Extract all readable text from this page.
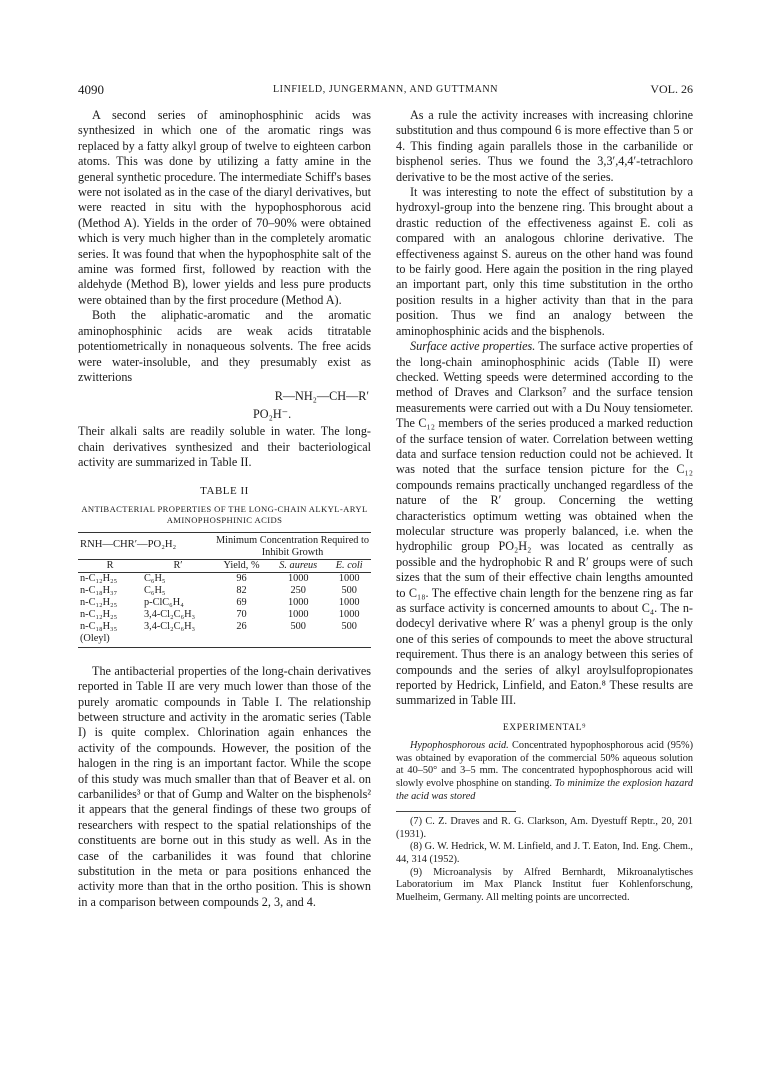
4090	LINFIELD, JUNGERMANN, AND GUTTMANN	VOL. 26

A second series of aminophosphinic acids was synthesized in which one of the aromatic rings was replaced by a fatty alkyl group of twelve to eighteen carbon atoms. This was done by utilizing a fatty amine in the general synthetic procedure. The intermediate Schiff's bases were not isolated as in the case of the diaryl derivatives, but were reacted in situ with the hypophosphorous acid (Method A). Yields in the order of 70–90% were obtained which is very much higher than in the completely aromatic series. It was found that when the hypophosphite salt of the amine was formed first, followed by reaction with the aldehyde (Method B), lower yields and less pure products were obtained than by the first procedure (Method A).

Both the aliphatic-aromatic and the aromatic aminophosphinic acids are weak acids titratable potentiometrically in nonaqueous solvents. The free acids were water-insoluble, and they presumably exist as zwitterions

R—NH₂—CH—R′
PO₂H⁻.

Their alkali salts are readily soluble in water. The long-chain derivatives synthesized and their bacteriological activity are summarized in Table II.

TABLE II
ANTIBACTERIAL PROPERTIES OF THE LONG-CHAIN ALKYL-ARYL AMINOPHOSPHINIC ACIDS
RNH—CHR′—PO₂H₂		Minimum Concentration Required to Inhibit Growth		
R	R′	Yield, %	S. aureus	E. coli
n-C₁₂H₂₅	C₆H₅	96	1000	1000
n-C₁₈H₃₇	C₆H₅	82	250	500
n-C₁₂H₂₅	p-ClC₆H₄	69	1000	1000
n-C₁₂H₂₅	3,4-Cl₂C₆H₃	70	1000	1000
n-C₁₈H₃₅ (Oleyl)	3,4-Cl₂C₆H₃	26	500	500

The antibacterial properties of the long-chain derivatives reported in Table II are very much lower than those of the purely aromatic compounds in Table I. The relationship between structure and activity in the aromatic series (Table I) is quite complex. Chlorination again enhances the activity of the compounds. However, the position of the halogen in the ring is an important factor. While the scope of this study was much smaller than that of Beaver et al. on carbanilides³ or that of Gump and Walter on the bisphenols² it appears that the general findings of these two groups of researchers with respect to the spatial relationships of the constituents are borne out in this study as well. As in the case of the carbanilides it was found that chlorine substitution in the meta or para positions enhanced the activity more than that in the ortho position. This is shown in a comparison between compounds 2, 3, and 4.

As a rule the activity increases with increasing chlorine substitution and thus compound 6 is more effective than 5 or 4. This finding again parallels those in the carbanilide or bisphenol series. Thus we found the 3,3′,4,4′-tetrachloro derivative to be the most active of the series.

It was interesting to note the effect of substitution by a hydroxyl-group into the benzene ring. This brought about a drastic reduction of the effectiveness against E. coli as compared with an analogous chlorine derivative. The effectiveness against S. aureus on the other hand was found to be fairly good. Here again the position in the ring played an important part, only this time substitution in the ortho position results in a higher activity than that in the para position. Thus we find an analogy between the aminophosphinic acids and the bisphenols.

Surface active properties. The surface active properties of the long-chain aminophosphinic acids (Table II) were checked. Wetting speeds were determined according to the method of Draves and Clarkson⁷ and the surface tension measurements were carried out with a Du Nouy tensiometer. The C₁₂ members of the series produced a marked reduction of the surface tension of water. Correlation between wetting data and surface tension reduction could not be achieved. It was noted that the surface tension picture for the C₁₂ compounds remains practically unchanged regardless of the nature of the R′ group. Concerning the wetting characteristics optimum wetting was obtained when the molecular structure was properly balanced, i.e. when the hydrophilic group PO₂H₂ was located as centrally as possible and the hydrophobic R and R′ groups were of such sizes that the sum of their effective chain lengths amounted to C₁₈. The effective chain length for the benzene ring as far as surface activity is concerned amounts to about C₄. The n-dodecyl derivative where R′ was a phenyl group is the only one of this series of compounds to meet the above structural requirement. Thus there is an analogy between this series of compounds and the series of alkyl aroylsulfopropionates reported by Hedrick, Linfield, and Eaton.⁸ These results are summarized in Table III.

EXPERIMENTAL⁹

Hypophosphorous acid. Concentrated hypophosphorous acid (95%) was obtained by evaporation of the commercial 50% aqueous solution at 40–50° and 3–5 mm. The concentrated hypophosphorous acid will slowly evolve phosphine on standing. To minimize the explosion hazard the acid was stored

(7) C. Z. Draves and R. G. Clarkson, Am. Dyestuff Reptr., 20, 201 (1931).

(8) G. W. Hedrick, W. M. Linfield, and J. T. Eaton, Ind. Eng. Chem., 44, 314 (1952).

(9) Microanalysis by Alfred Bernhardt, Mikroanalytisches Laboratorium im Max Planck Institut fuer Kohlenforschung, Muelheim, Germany. All melting points are uncorrected.
